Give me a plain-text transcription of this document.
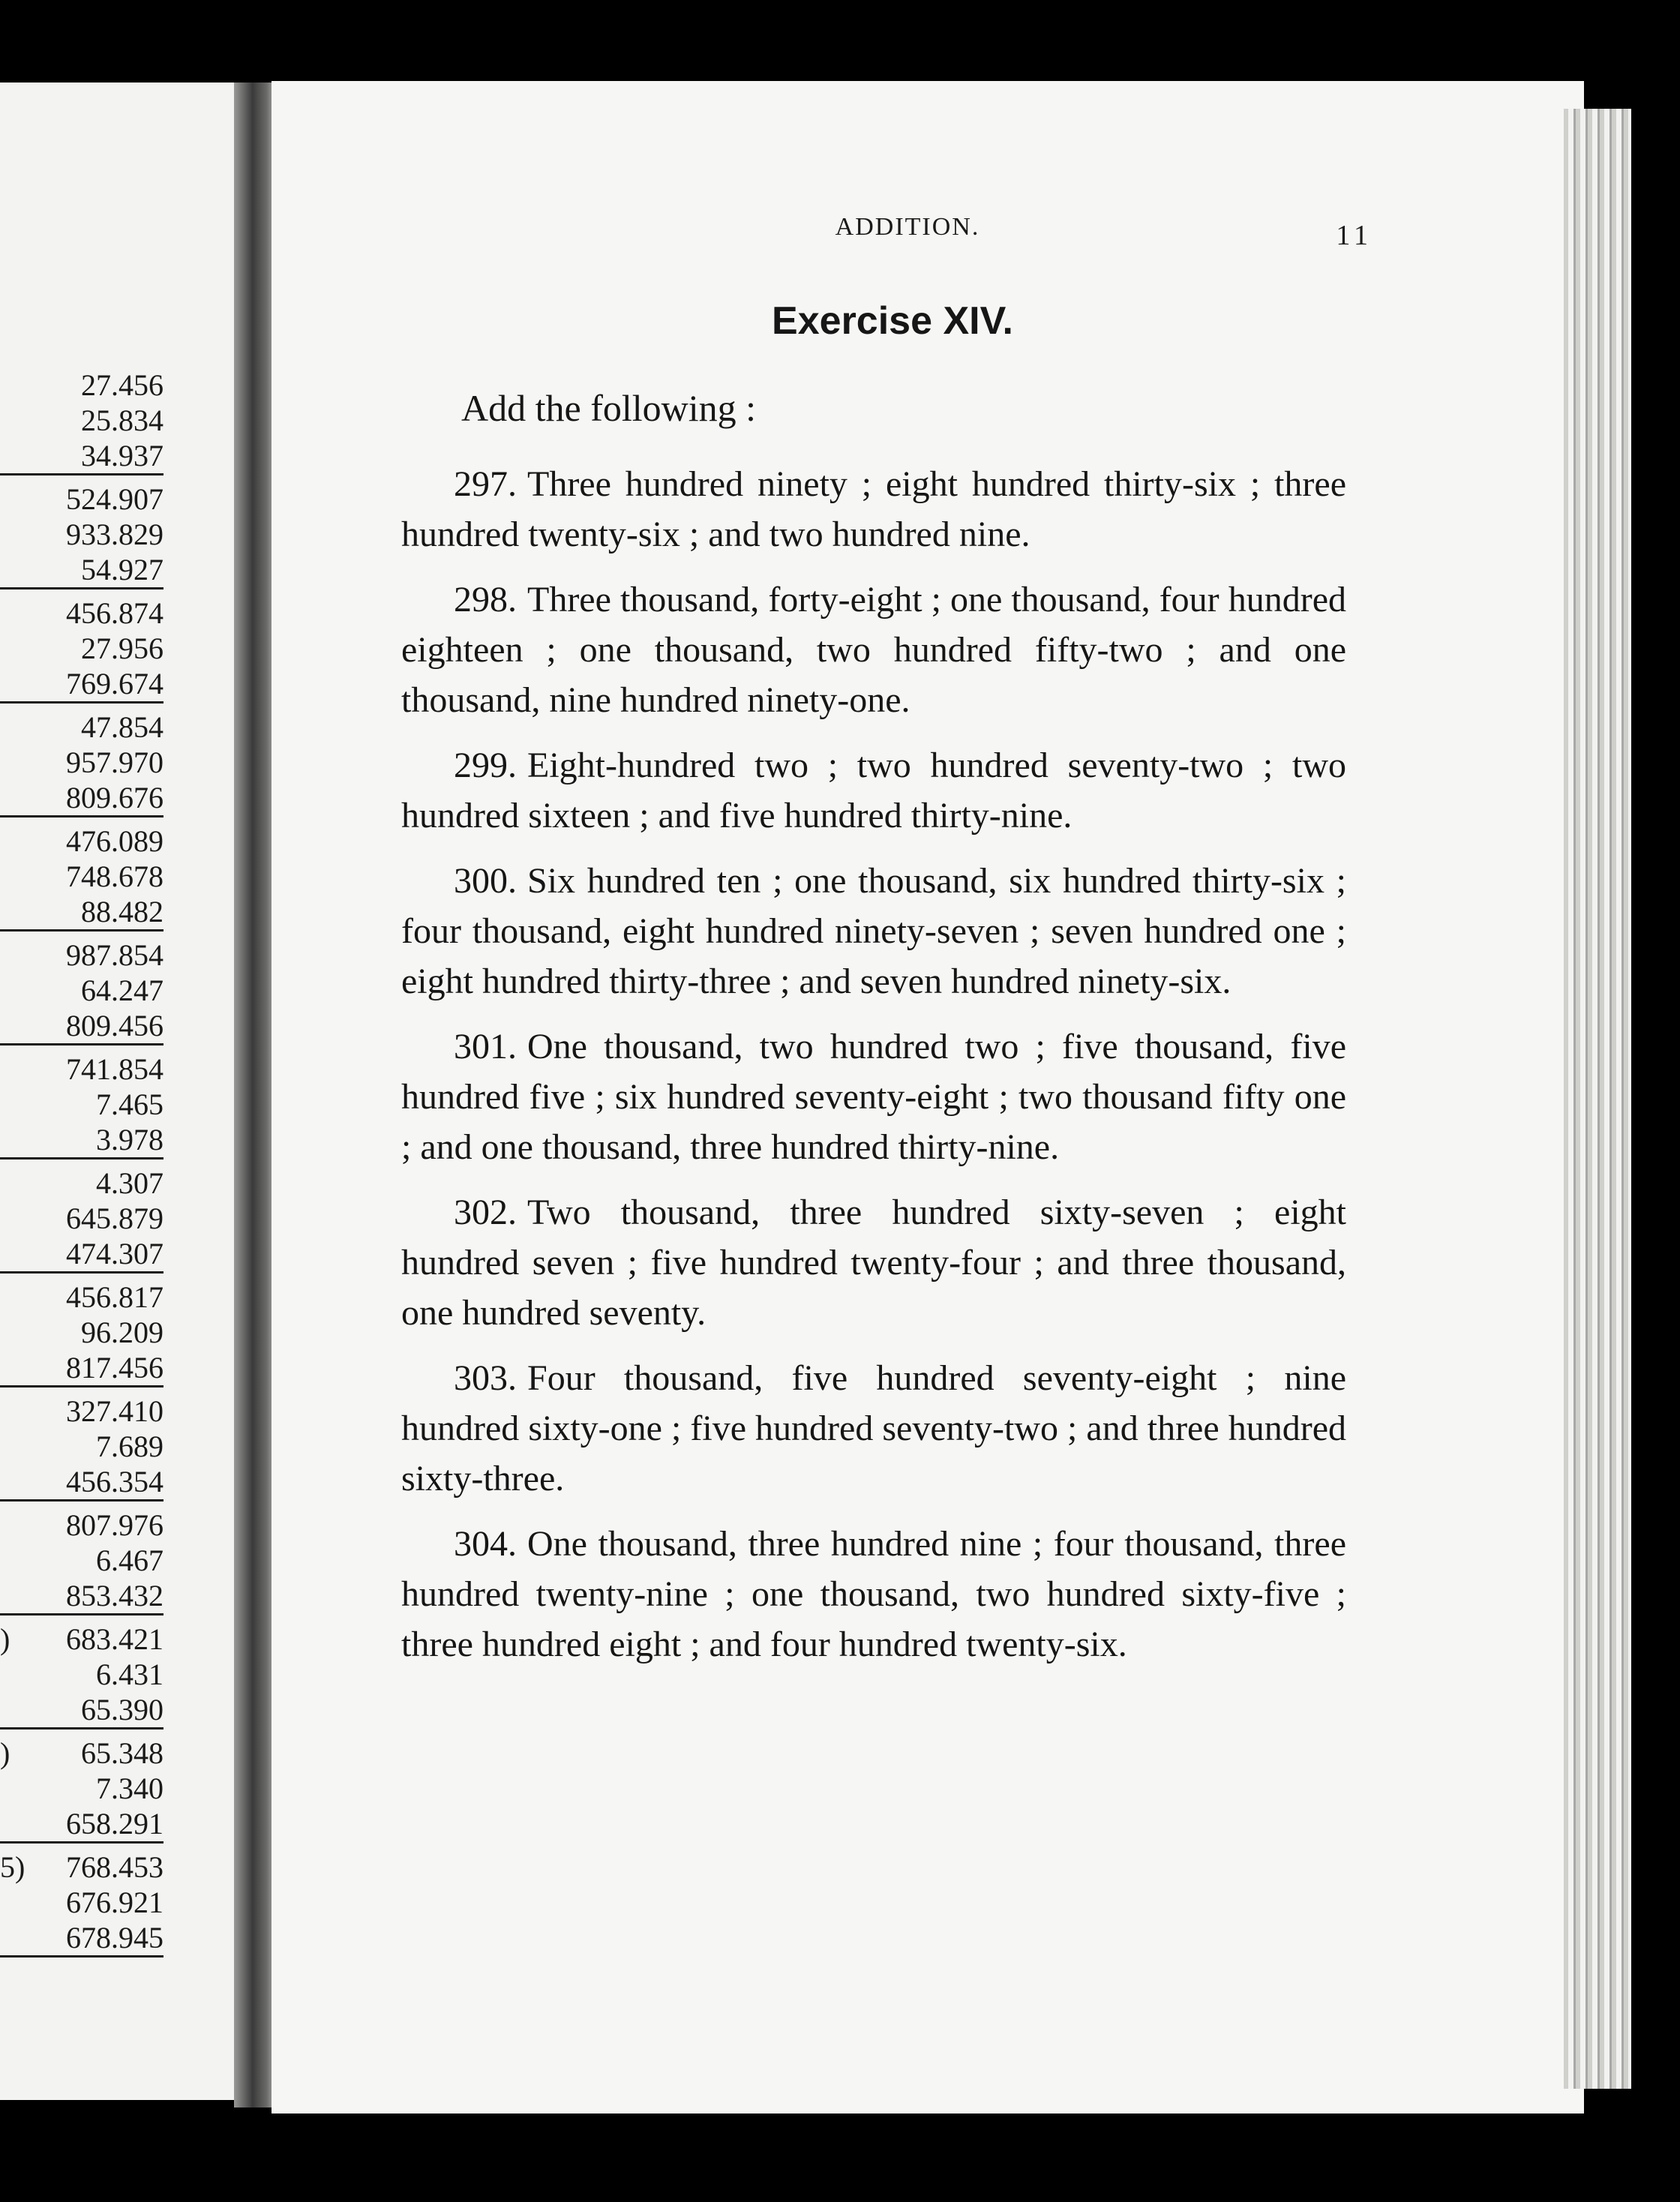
27.456
25.834
34.937
524.907
933.829
54.927
456.874
27.956
769.674
47.854
957.970
809.676
476.089
748.678
88.482
987.854
64.247
809.456
741.854
7.465
3.978
4.307
645.879
474.307
456.817
96.209
817.456
327.410
7.689
456.354
807.976
6.467
853.432
)	683.421
6.431
65.390
)	65.348
7.340
658.291
5)	768.453
676.921
678.945
ADDITION.	11
Exercise XIV.
Add the following :

297. Three hundred ninety ; eight hundred thirty-six ; three hundred twenty-six ; and two hundred nine.

298. Three thousand, forty-eight ; one thousand, four hundred eighteen ; one thousand, two hundred fifty-two ; and one thousand, nine hundred ninety-one.

299. Eight-hundred two ; two hundred seventy-two ; two hundred sixteen ; and five hundred thirty-nine.

300. Six hundred ten ; one thousand, six hundred thirty-six ; four thousand, eight hundred ninety-seven ; seven hundred one ; eight hundred thirty-three ; and seven hundred ninety-six.

301. One thousand, two hundred two ; five thousand, five hundred five ; six hundred seventy-eight ; two thousand fifty one ; and one thousand, three hundred thirty-nine.

302. Two thousand, three hundred sixty-seven ; eight hundred seven ; five hundred twenty-four ; and three thousand, one hundred seventy.

303. Four thousand, five hundred seventy-eight ; nine hundred sixty-one ; five hundred seventy-two ; and three hundred sixty-three.

304. One thousand, three hundred nine ; four thousand, three hundred twenty-nine ; one thousand, two hundred sixty-five ; three hundred eight ; and four hundred twenty-six.
